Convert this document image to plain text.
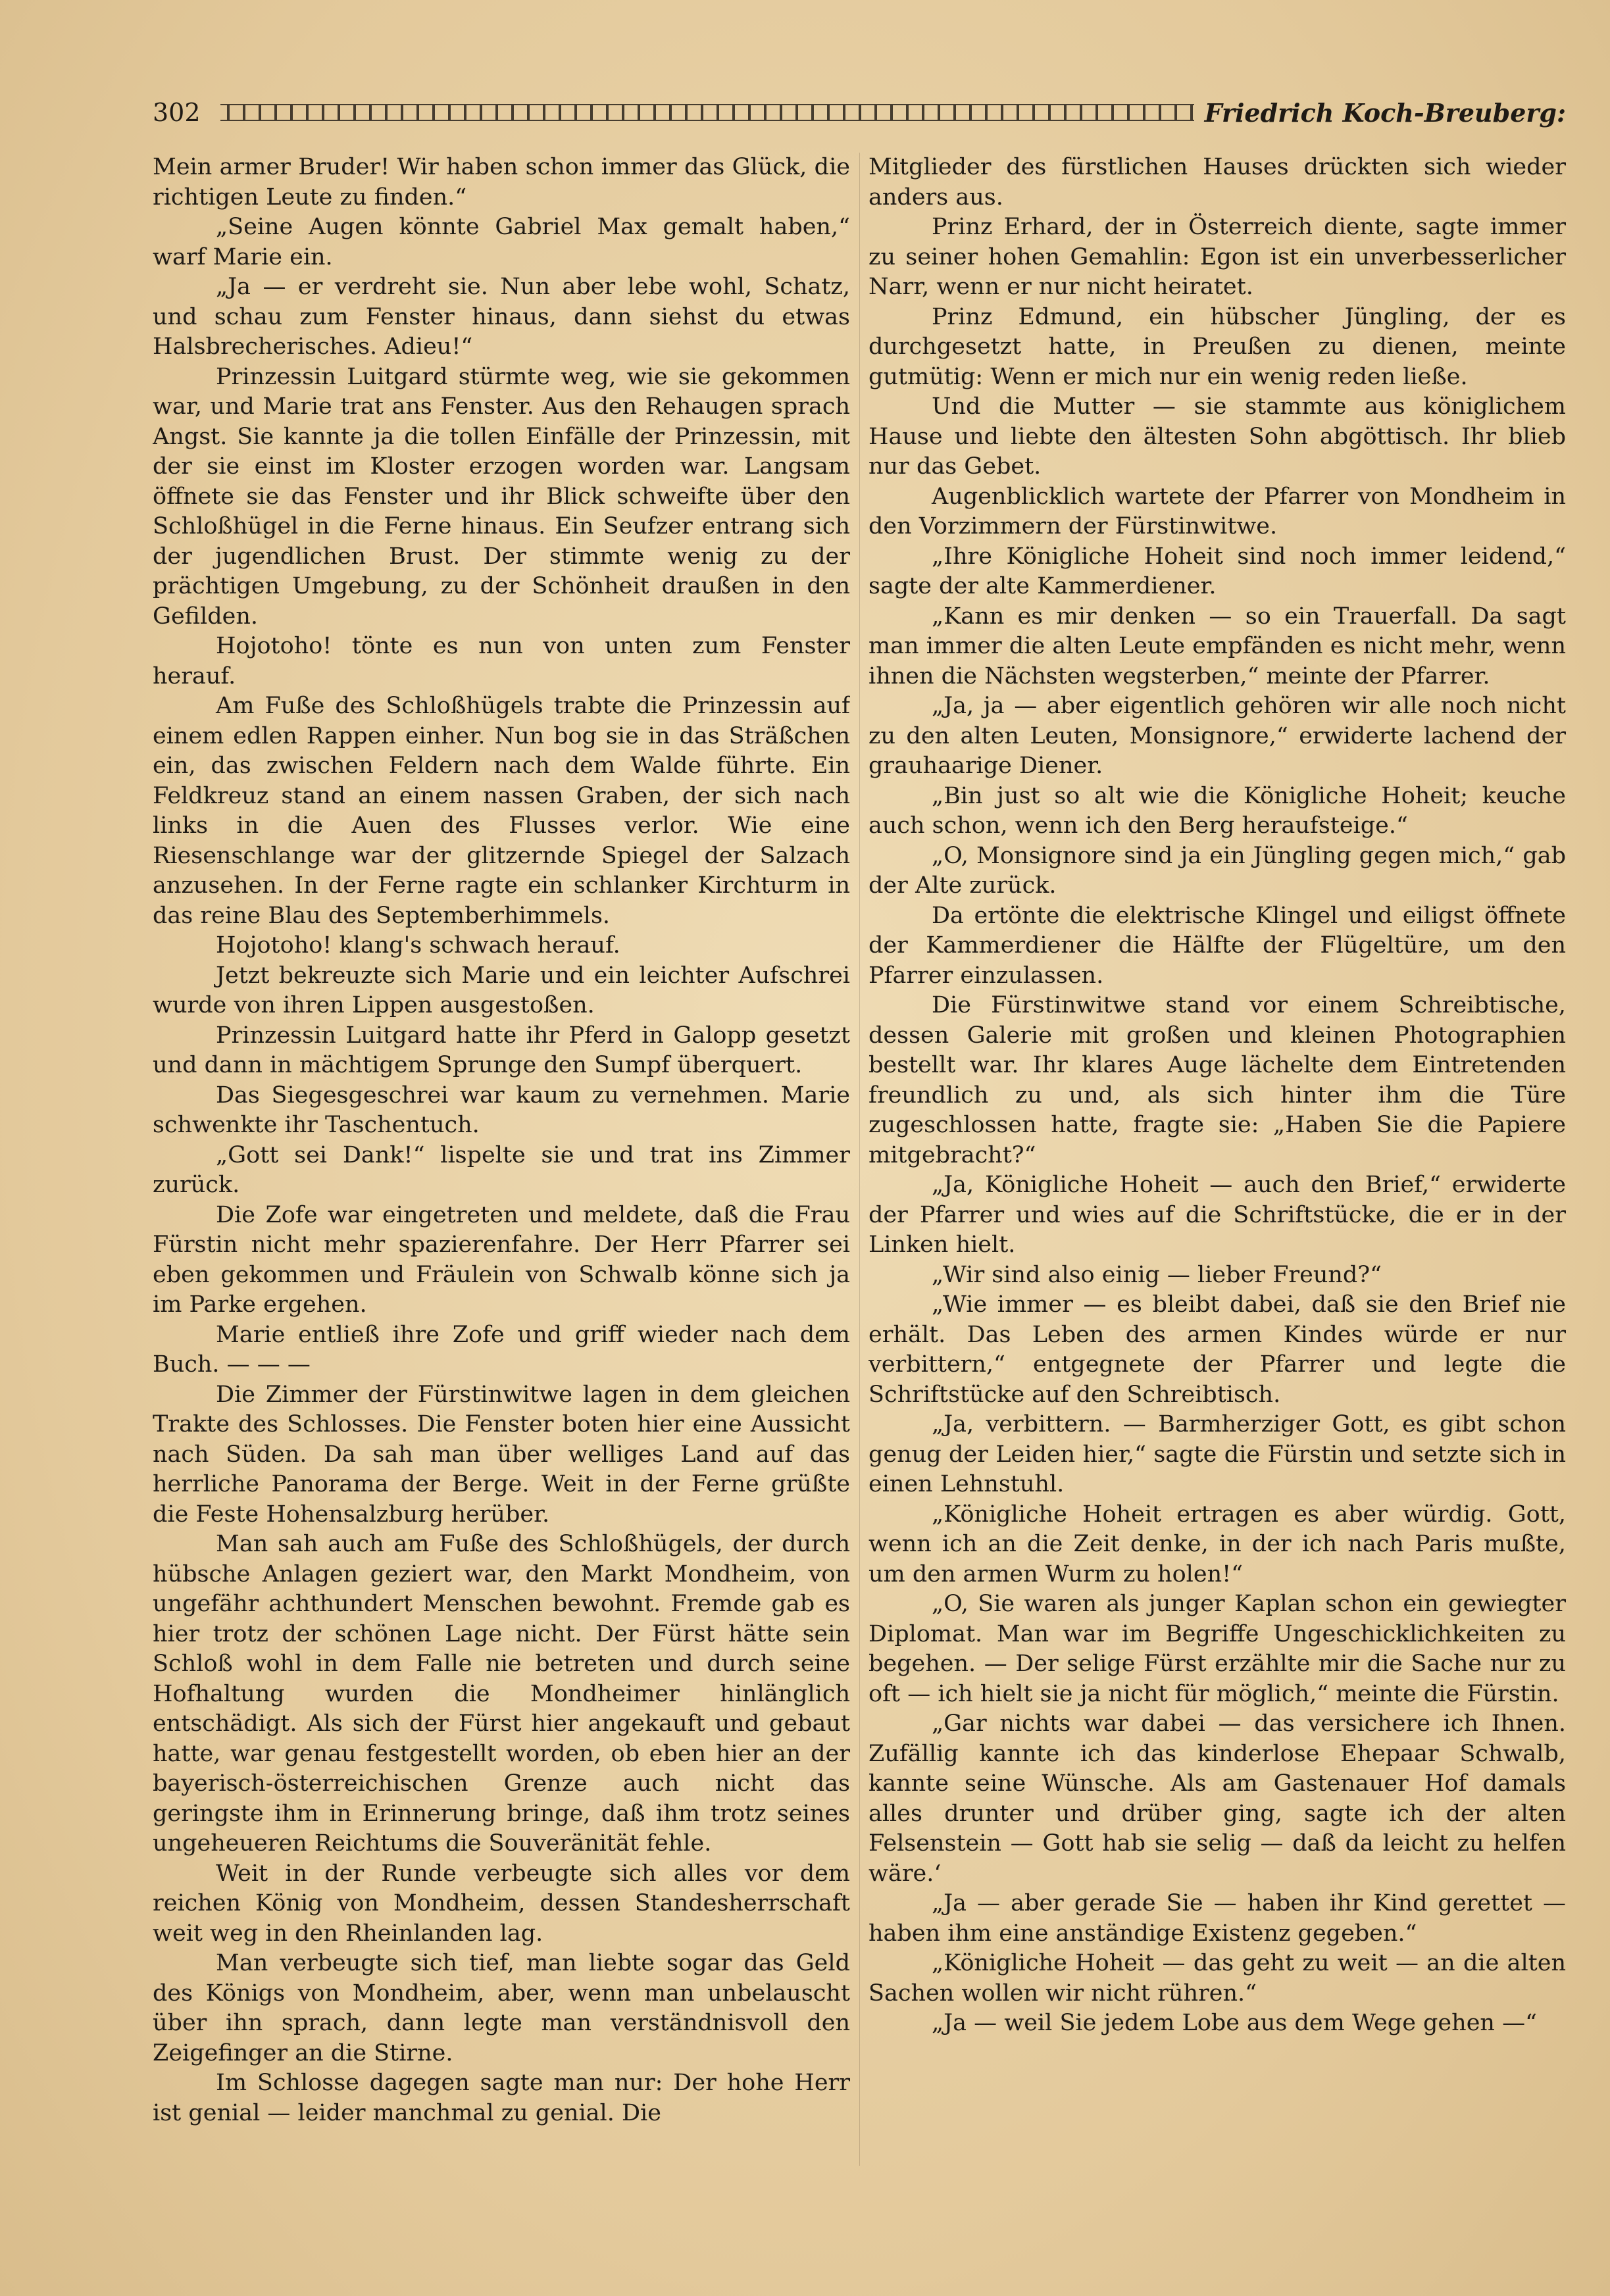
302	Friedrich Koch-Breuberg:

Mein armer Bruder! Wir haben schon immer das Glück, die richtigen Leute zu finden.“

„Seine Augen könnte Gabriel Max gemalt haben,“ warf Marie ein.

„Ja — er verdreht sie. Nun aber lebe wohl, Schatz, und schau zum Fenster hinaus, dann siehst du etwas Halsbrecherisches. Adieu!“

Prinzessin Luitgard stürmte weg, wie sie gekommen war, und Marie trat ans Fenster. Aus den Rehaugen sprach Angst. Sie kannte ja die tollen Einfälle der Prinzessin, mit der sie einst im Kloster erzogen worden war. Langsam öffnete sie das Fenster und ihr Blick schweifte über den Schloßhügel in die Ferne hinaus. Ein Seufzer entrang sich der jugendlichen Brust. Der stimmte wenig zu der prächtigen Umgebung, zu der Schönheit draußen in den Gefilden.

Hojotoho! tönte es nun von unten zum Fenster herauf.

Am Fuße des Schloßhügels trabte die Prinzessin auf einem edlen Rappen einher. Nun bog sie in das Sträßchen ein, das zwischen Feldern nach dem Walde führte. Ein Feldkreuz stand an einem nassen Graben, der sich nach links in die Auen des Flusses verlor. Wie eine Riesenschlange war der glitzernde Spiegel der Salzach anzusehen. In der Ferne ragte ein schlanker Kirchturm in das reine Blau des Septemberhimmels.

Hojotoho! klang's schwach herauf.

Jetzt bekreuzte sich Marie und ein leichter Aufschrei wurde von ihren Lippen ausgestoßen.

Prinzessin Luitgard hatte ihr Pferd in Galopp gesetzt und dann in mächtigem Sprunge den Sumpf überquert.

Das Siegesgeschrei war kaum zu vernehmen. Marie schwenkte ihr Taschentuch.

„Gott sei Dank!“ lispelte sie und trat ins Zimmer zurück.

Die Zofe war eingetreten und meldete, daß die Frau Fürstin nicht mehr spazierenfahre. Der Herr Pfarrer sei eben gekommen und Fräulein von Schwalb könne sich ja im Parke ergehen.

Marie entließ ihre Zofe und griff wieder nach dem Buch. — — —

Die Zimmer der Fürstinwitwe lagen in dem gleichen Trakte des Schlosses. Die Fenster boten hier eine Aussicht nach Süden. Da sah man über welliges Land auf das herrliche Panorama der Berge. Weit in der Ferne grüßte die Feste Hohensalzburg herüber.

Man sah auch am Fuße des Schloßhügels, der durch hübsche Anlagen geziert war, den Markt Mondheim, von ungefähr achthundert Menschen bewohnt. Fremde gab es hier trotz der schönen Lage nicht. Der Fürst hätte sein Schloß wohl in dem Falle nie betreten und durch seine Hofhaltung wurden die Mondheimer hinlänglich entschädigt. Als sich der Fürst hier angekauft und gebaut hatte, war genau festgestellt worden, ob eben hier an der bayerisch-österreichischen Grenze auch nicht das geringste ihm in Erinnerung bringe, daß ihm trotz seines ungeheueren Reichtums die Souveränität fehle.

Weit in der Runde verbeugte sich alles vor dem reichen König von Mondheim, dessen Standesherrschaft weit weg in den Rheinlanden lag.

Man verbeugte sich tief, man liebte sogar das Geld des Königs von Mondheim, aber, wenn man unbelauscht über ihn sprach, dann legte man verständnisvoll den Zeigefinger an die Stirne.

Im Schlosse dagegen sagte man nur: Der hohe Herr ist genial — leider manchmal zu genial. Die

Mitglieder des fürstlichen Hauses drückten sich wieder anders aus.

Prinz Erhard, der in Österreich diente, sagte immer zu seiner hohen Gemahlin: Egon ist ein unverbesserlicher Narr, wenn er nur nicht heiratet.

Prinz Edmund, ein hübscher Jüngling, der es durchgesetzt hatte, in Preußen zu dienen, meinte gutmütig: Wenn er mich nur ein wenig reden ließe.

Und die Mutter — sie stammte aus königlichem Hause und liebte den ältesten Sohn abgöttisch. Ihr blieb nur das Gebet.

Augenblicklich wartete der Pfarrer von Mondheim in den Vorzimmern der Fürstinwitwe.

„Ihre Königliche Hoheit sind noch immer leidend,“ sagte der alte Kammerdiener.

„Kann es mir denken — so ein Trauerfall. Da sagt man immer die alten Leute empfänden es nicht mehr, wenn ihnen die Nächsten wegsterben,“ meinte der Pfarrer.

„Ja, ja — aber eigentlich gehören wir alle noch nicht zu den alten Leuten, Monsignore,“ erwiderte lachend der grauhaarige Diener.

„Bin just so alt wie die Königliche Hoheit; keuche auch schon, wenn ich den Berg heraufsteige.“

„O, Monsignore sind ja ein Jüngling gegen mich,“ gab der Alte zurück.

Da ertönte die elektrische Klingel und eiligst öffnete der Kammerdiener die Hälfte der Flügeltüre, um den Pfarrer einzulassen.

Die Fürstinwitwe stand vor einem Schreibtische, dessen Galerie mit großen und kleinen Photographien bestellt war. Ihr klares Auge lächelte dem Eintretenden freundlich zu und, als sich hinter ihm die Türe zugeschlossen hatte, fragte sie: „Haben Sie die Papiere mitgebracht?“

„Ja, Königliche Hoheit — auch den Brief,“ erwiderte der Pfarrer und wies auf die Schriftstücke, die er in der Linken hielt.

„Wir sind also einig — lieber Freund?“

„Wie immer — es bleibt dabei, daß sie den Brief nie erhält. Das Leben des armen Kindes würde er nur verbittern,“ entgegnete der Pfarrer und legte die Schriftstücke auf den Schreibtisch.

„Ja, verbittern. — Barmherziger Gott, es gibt schon genug der Leiden hier,“ sagte die Fürstin und setzte sich in einen Lehnstuhl.

„Königliche Hoheit ertragen es aber würdig. Gott, wenn ich an die Zeit denke, in der ich nach Paris mußte, um den armen Wurm zu holen!“

„O, Sie waren als junger Kaplan schon ein gewiegter Diplomat. Man war im Begriffe Ungeschicklichkeiten zu begehen. — Der selige Fürst erzählte mir die Sache nur zu oft — ich hielt sie ja nicht für möglich,“ meinte die Fürstin.

„Gar nichts war dabei — das versichere ich Ihnen. Zufällig kannte ich das kinderlose Ehepaar Schwalb, kannte seine Wünsche. Als am Gastenauer Hof damals alles drunter und drüber ging, sagte ich der alten Felsenstein — Gott hab sie selig — daß da leicht zu helfen wäre.‘

„Ja — aber gerade Sie — haben ihr Kind gerettet — haben ihm eine anständige Existenz gegeben.“

„Königliche Hoheit — das geht zu weit — an die alten Sachen wollen wir nicht rühren.“

„Ja — weil Sie jedem Lobe aus dem Wege gehen —“
